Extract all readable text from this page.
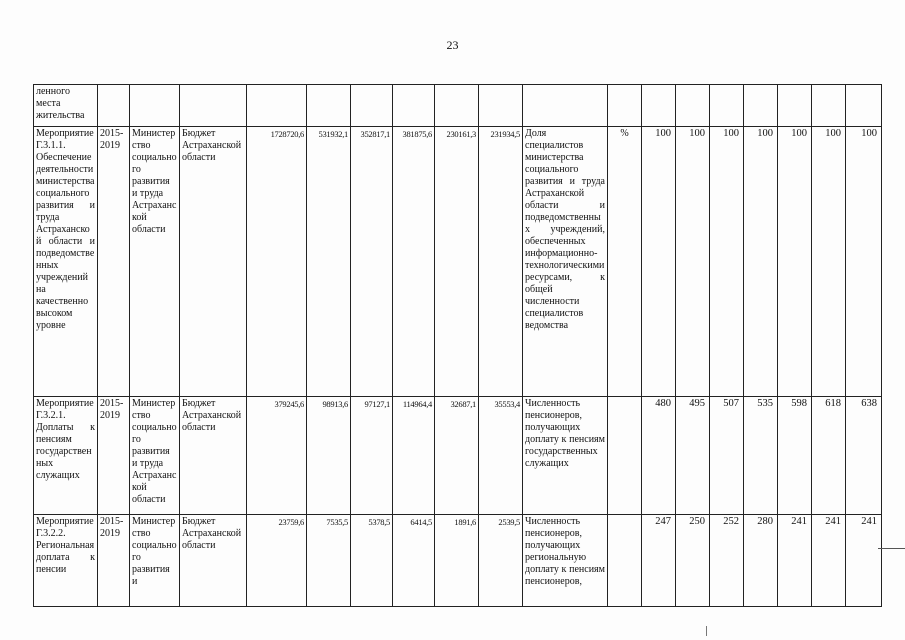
23
ленного места жительства																		
Мероприятие Г.3.1.1. Обеспечение деятельности министерства социального развития и труда Астраханской области и подведомственных учреждений на качественно высоком уровне	2015-2019	Министерство социального развития и труда Астраханской области	Бюджет Астраханской области	1728720,6	531932,1	352817,1	381875,6	230161,3	231934,5	Доля специалистов министерства социального развития и труда Астраханской области и подведомственных учреждений, обеспеченных информационно-технологическими ресурсами, к общей численности специалистов ведомства	%	100	100	100	100	100	100	100
Мероприятие Г.3.2.1. Доплаты к пенсиям государственных служащих	2015-2019	Министерство социального развития и труда Астраханской области	Бюджет Астраханской области	379245,6	98913,6	97127,1	114964,4	32687,1	35553,4	Численность пенсионеров, получающих доплату к пенсиям государственных служащих		480	495	507	535	598	618	638
Мероприятие Г.3.2.2. Региональная доплата к пенсии	2015-2019	Министерство социального развития и	Бюджет Астраханской области	23759,6	7535,5	5378,5	6414,5	1891,6	2539,5	Численность пенсионеров, получающих региональную доплату к пенсиям пенсионеров,		247	250	252	280	241	241	241
